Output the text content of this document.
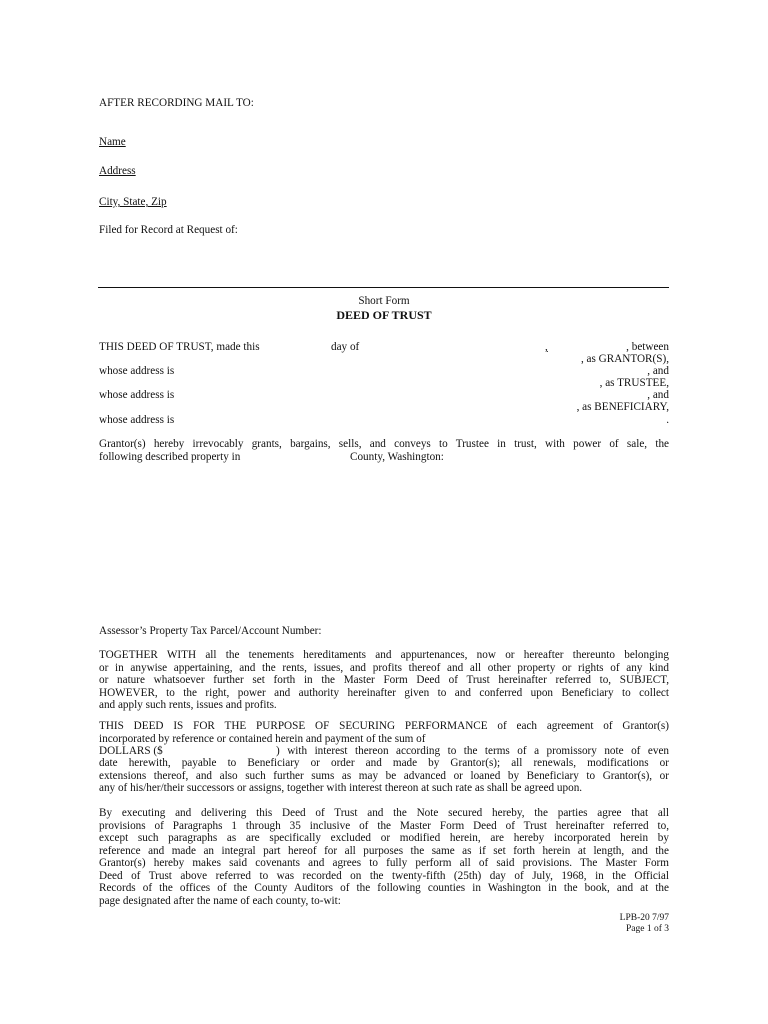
AFTER RECORDING MAIL TO:
Name
Address
City, State, Zip
Filed for Record at Request of:
Short Form
DEED OF TRUST
THIS DEED OF TRUST, made this	day of	,	, between
, as GRANTOR(S),
whose address is	, and
, as TRUSTEE,
whose address is	, and
, as BENEFICIARY,
whose address is	.
Grantor(s) hereby irrevocably grants, bargains, sells, and conveys to Trustee in trust, with power of sale, the
following described property in	County, Washington:
Assessor’s Property Tax Parcel/Account Number:
TOGETHER WITH all the tenements hereditaments and appurtenances, now or hereafter thereunto belonging
or in anywise appertaining, and the rents, issues, and profits thereof and all other property or rights of any kind
or nature whatsoever further set forth in the Master Form Deed of Trust hereinafter referred to, SUBJECT,
HOWEVER, to the right, power and authority hereinafter given to and conferred upon Beneficiary to collect
and apply such rents, issues and profits.
THIS DEED IS FOR THE PURPOSE OF SECURING PERFORMANCE of each agreement of Grantor(s)
incorporated by reference or contained herein and payment of the sum of
DOLLARS ($	) with interest thereon according to the terms of a promissory note of even
date herewith, payable to Beneficiary or order and made by Grantor(s); all renewals, modifications or
extensions thereof, and also such further sums as may be advanced or loaned by Beneficiary to Grantor(s), or
any of his/her/their successors or assigns, together with interest thereon at such rate as shall be agreed upon.
By executing and delivering this Deed of Trust and the Note secured hereby, the parties agree that all
provisions of Paragraphs 1 through 35 inclusive of the Master Form Deed of Trust hereinafter referred to,
except such paragraphs as are specifically excluded or modified herein, are hereby incorporated herein by
reference and made an integral part hereof for all purposes the same as if set forth herein at length, and the
Grantor(s) hereby makes said covenants and agrees to fully perform all of said provisions. The Master Form
Deed of Trust above referred to was recorded on the twenty-fifth (25th) day of July, 1968, in the Official
Records of the offices of the County Auditors of the following counties in Washington in the book, and at the
page designated after the name of each county, to-wit:
LPB-20 7/97
Page 1 of 3
